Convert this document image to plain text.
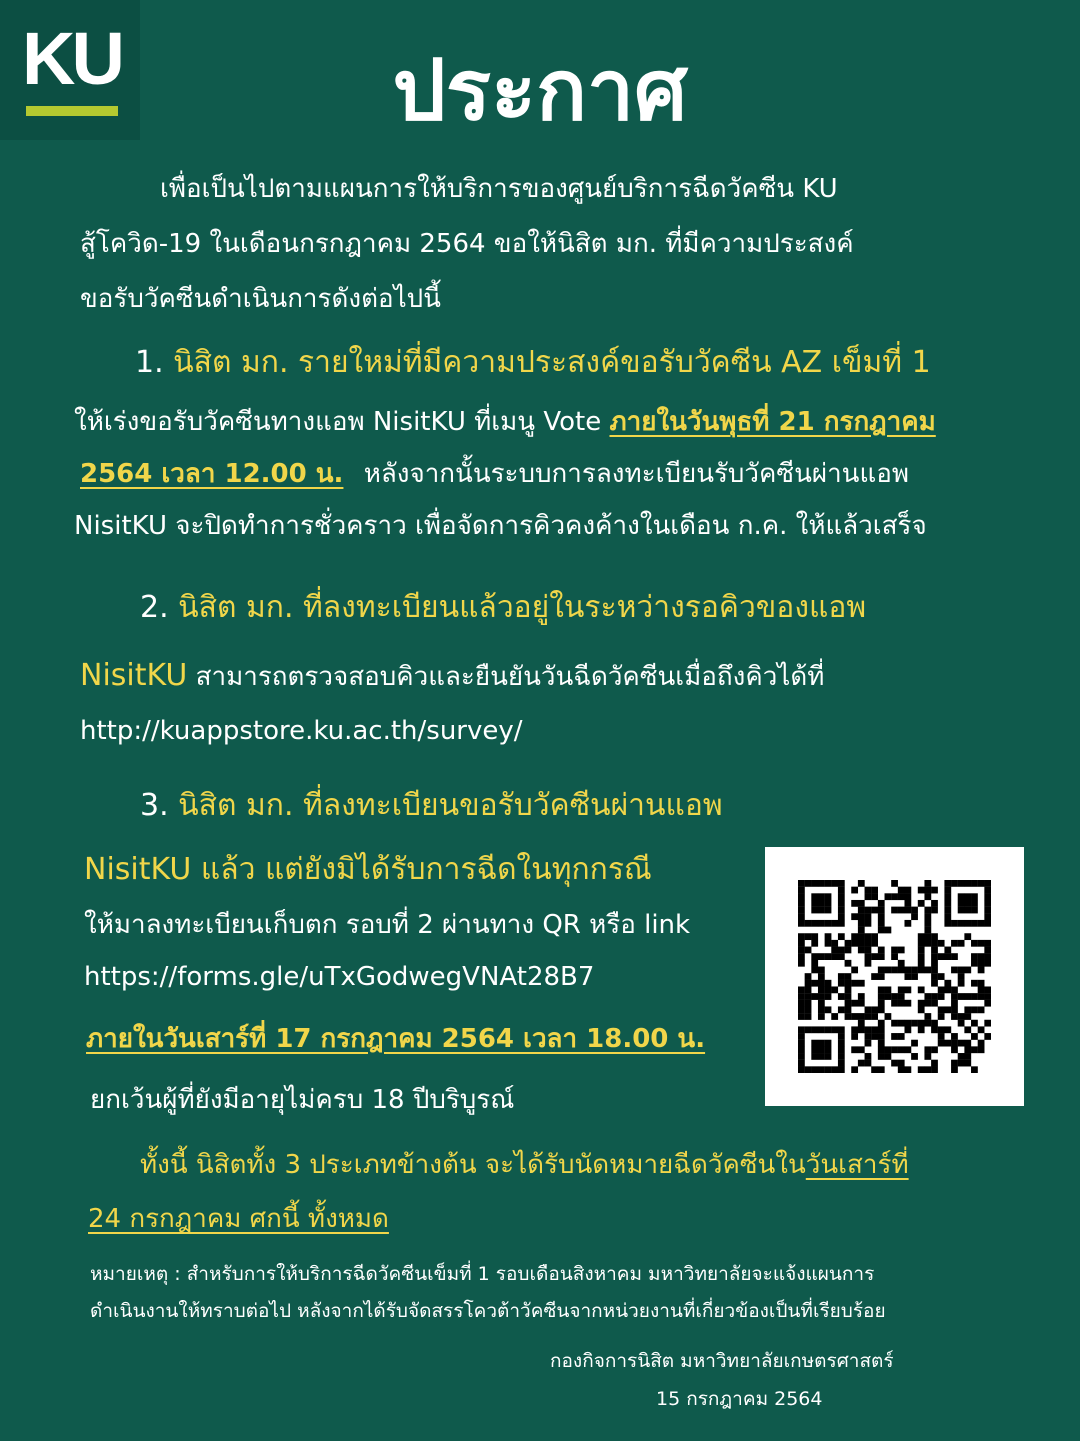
KU	ประกาศ
เพื่อเป็นไปตามแผนการให้บริการของศูนย์บริการฉีดวัคซีน KU
สู้โควิด-19 ในเดือนกรกฎาคม 2564 ขอให้นิสิต มก. ที่มีความประสงค์
ขอรับวัคซีนดำเนินการดังต่อไปนี้
1. นิสิต มก. รายใหม่ที่มีความประสงค์ขอรับวัคซีน AZ เข็มที่ 1
ให้เร่งขอรับวัคซีนทางแอพ NisitKU ที่เมนู Vote ภายในวันพุธที่ 21 กรกฎาคม
2564 เวลา 12.00 น. หลังจากนั้นระบบการลงทะเบียนรับวัคซีนผ่านแอพ
NisitKU จะปิดทำการชั่วคราว เพื่อจัดการคิวคงค้างในเดือน ก.ค. ให้แล้วเสร็จ
2. นิสิต มก. ที่ลงทะเบียนแล้วอยู่ในระหว่างรอคิวของแอพ
NisitKU สามารถตรวจสอบคิวและยืนยันวันฉีดวัคซีนเมื่อถึงคิวได้ที่
http://kuappstore.ku.ac.th/survey/
3. นิสิต มก. ที่ลงทะเบียนขอรับวัคซีนผ่านแอพ
NisitKU แล้ว แต่ยังมิได้รับการฉีดในทุกกรณี
ให้มาลงทะเบียนเก็บตก รอบที่ 2 ผ่านทาง QR หรือ link
https://forms.gle/uTxGodwegVNAt28B7
ภายในวันเสาร์ที่ 17 กรกฎาคม 2564 เวลา 18.00 น.
ยกเว้นผู้ที่ยังมีอายุไม่ครบ 18 ปีบริบูรณ์
ทั้งนี้ นิสิตทั้ง 3 ประเภทข้างต้น จะได้รับนัดหมายฉีดวัคซีนในวันเสาร์ที่
24 กรกฎาคม ศกนี้ ทั้งหมด
หมายเหตุ : สำหรับการให้บริการฉีดวัคซีนเข็มที่ 1 รอบเดือนสิงหาคม มหาวิทยาลัยจะแจ้งแผนการ
ดำเนินงานให้ทราบต่อไป หลังจากได้รับจัดสรรโควต้าวัคซีนจากหน่วยงานที่เกี่ยวข้องเป็นที่เรียบร้อย
กองกิจการนิสิต มหาวิทยาลัยเกษตรศาสตร์
15 กรกฎาคม 2564
